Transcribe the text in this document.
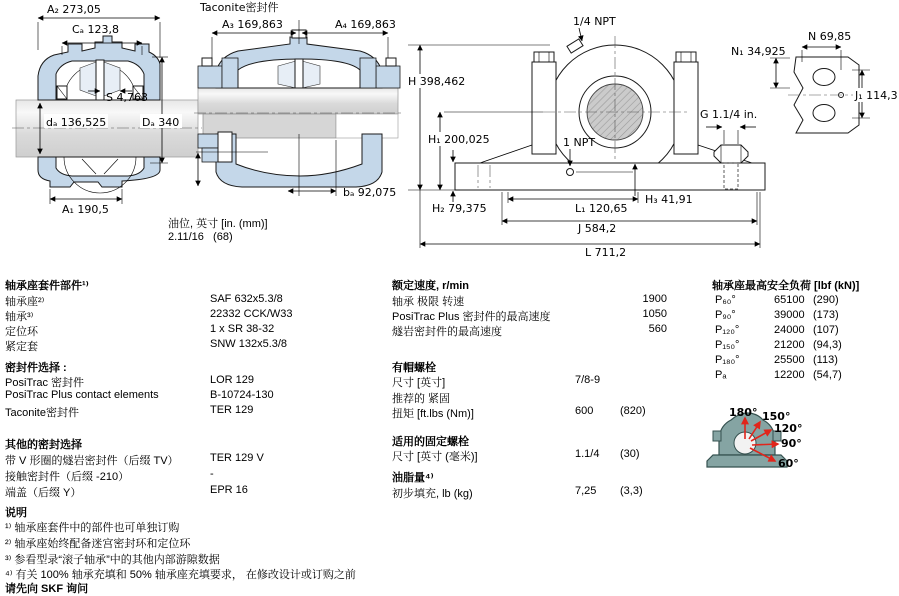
A₂ 273,05
Cₐ 123,8
S 4,763
dₐ 136,525	Dₐ 340
A₁ 190,5
Taconite密封件
A₃ 169,863	A₄ 169,863
bₐ 92,075
1/4 NPT
1 NPT
G 1.1/4 in.
H 398,462
H₁ 200,025
H₂ 79,375
H₃ 41,91
L₁ 120,65
J 584,2
L 711,2
N 69,85
N₁ 34,925
J₁ 114,3
油位, 英寸 [in. (mm)]
2.11/16   (68)
轴承座套件部件¹⁾
轴承座²⁾	SAF 632x5.3/8
轴承³⁾	22332 CCK/W33
定位环	1 x SR 38-32
紧定套	SNW 132x5.3/8
密封件选择 :
PosiTrac 密封件	LOR 129
PosiTrac Plus contact elements	B-10724-130
Taconite密封件	TER 129
其他的密封选择
带 V 形圈的燧岩密封件（后缀 TV）	TER 129 V
接触密封件（后缀 -210）	-
端盖（后缀 Y）	EPR 16
额定速度, r/min
轴承 极限 转速	1900
PosiTrac Plus 密封件的最高速度	1050
燧岩密封件的最高速度	560
有帽螺栓
尺寸 [英寸]	7/8-9
推荐的 紧固
扭矩 [ft.lbs (Nm)]	600 (820)
适用的固定螺栓
尺寸 [英寸 (毫米)]	1.1/4 (30)
油脂量⁴⁾
初步填充, lb (kg)	7,25 (3,3)
轴承座最高安全负荷 [lbf (kN)]
P₆₀°	65100 (290)
P₉₀°	39000 (173)
P₁₂₀°	24000 (107)
P₁₅₀°	21200 (94,3)
P₁₈₀°	25500 (113)
Pₐ	12200 (54,7)
180° 150°
120°
90°
60°
说明
¹⁾ 轴承座套件中的部件也可单独订购
²⁾ 轴承座始终配备迷宫密封环和定位环
³⁾ 参看型录“滚子轴承”中的其他内部游隙数据
⁴⁾ 有关 100% 轴承充填和 50% 轴承座充填要求， 在修改设计或订购之前
请先向 SKF 询问
